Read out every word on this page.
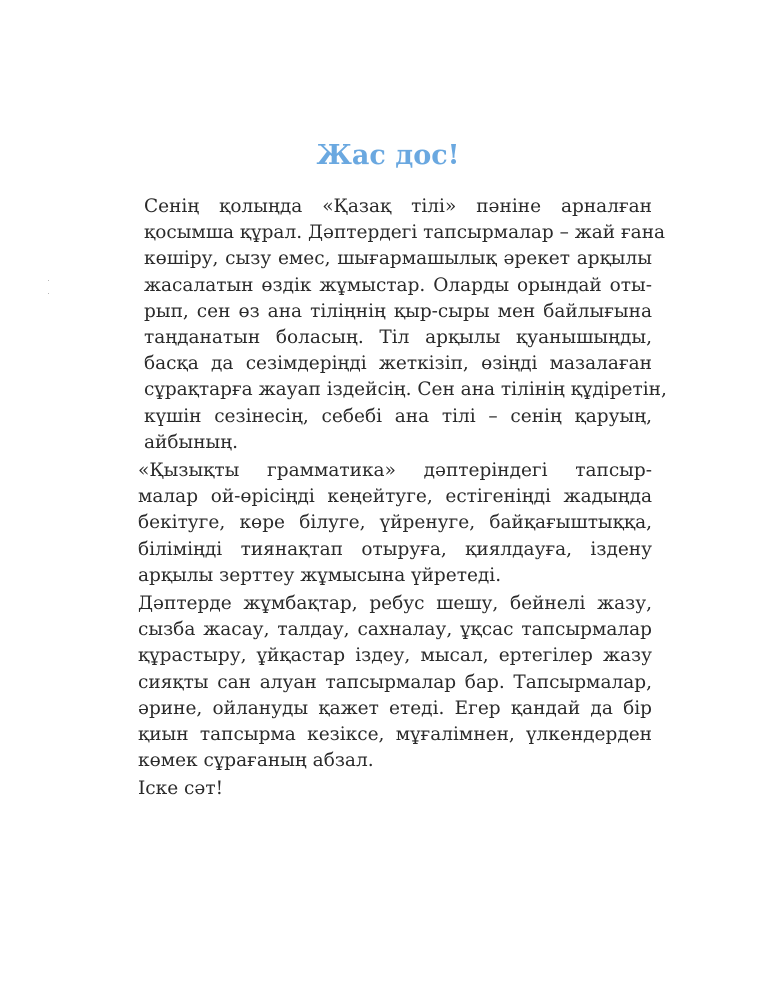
Жас дос!

Сенің қолыңда «Қазақ тілі» пәніне арналған
қосымша құрал. Дәптердегі тапсырмалар – жай ғана
көшіру, сызу емес, шығармашылық әрекет арқылы
жасалатын өздік жұмыстар. Оларды орындай оты-
рып, сен өз ана тіліңнің қыр-сыры мен байлығына
таңданатын боласың. Тіл арқылы қуанышыңды,
басқа да сезімдеріңді жеткізіп, өзіңді мазалаған
сұрақтарға жауап іздейсің. Сен ана тілінің құдіретін,
күшін сезінесің, себебі ана тілі – сенің қаруың,
айбының.

«Қызықты грамматика» дәптеріндегі тапсыр-
малар ой-өрісіңді кеңейтуге, естігеніңді жадыңда
бекітуге, көре білуге, үйренуге, байқағыштыққа,
біліміңді тиянақтап отыруға, қиялдауға, іздену
арқылы зерттеу жұмысына үйретеді.

Дәптерде жұмбақтар, ребус шешу, бейнелі жазу,
сызба жасау, талдау, сахналау, ұқсас тапсырмалар
құрастыру, ұйқастар іздеу, мысал, ертегілер жазу
сияқты сан алуан тапсырмалар бар. Тапсырмалар,
әрине, ойлануды қажет етеді. Егер қандай да бір
қиын тапсырма кезіксе, мұғалімнен, үлкендерден
көмек сұрағаның абзал.

Іске сәт!
